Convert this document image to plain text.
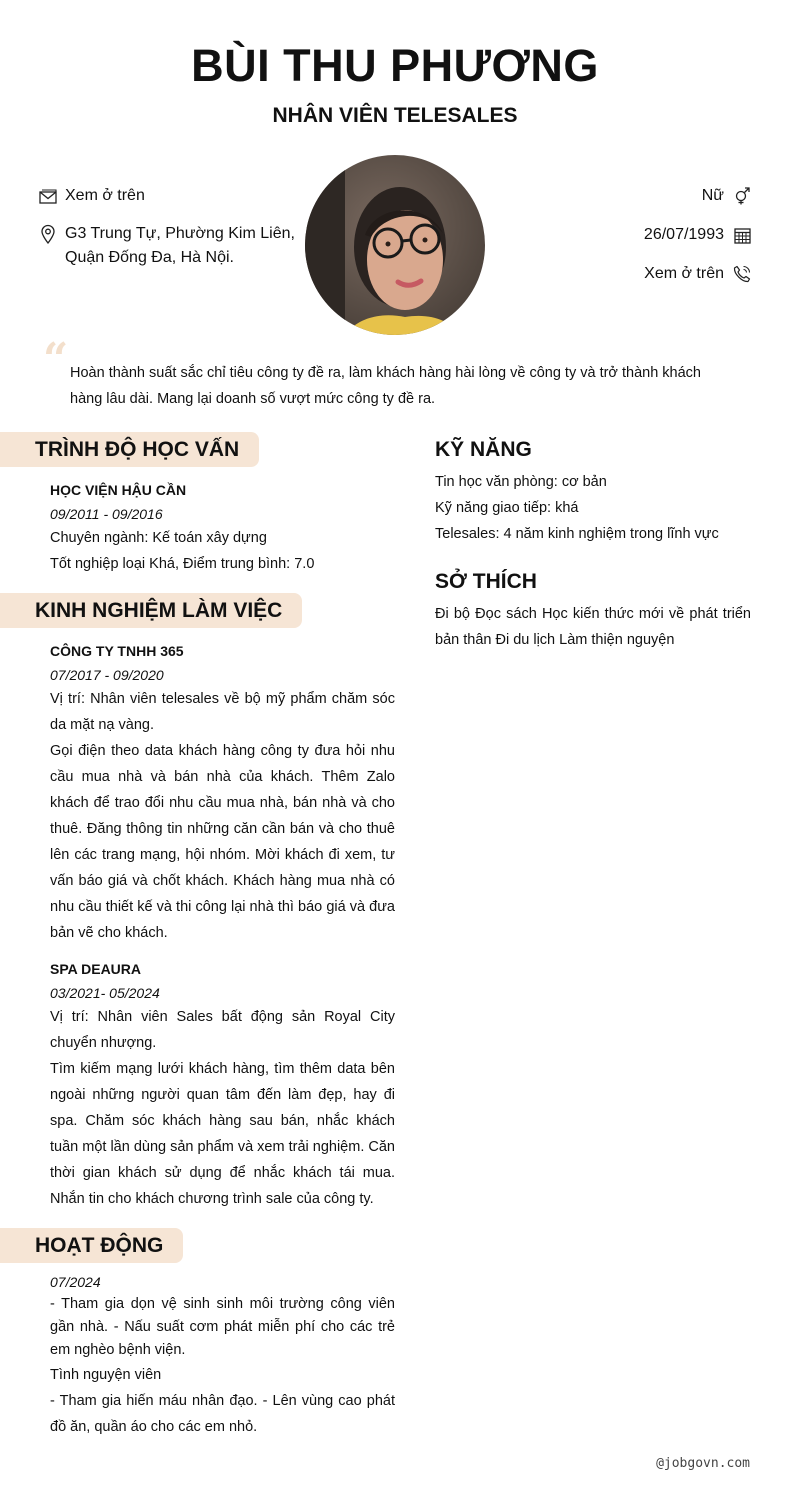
BÙI THU PHƯƠNG
NHÂN VIÊN TELESALES
Xem ở trên
G3 Trung Tự, Phường Kim Liên, Quận Đống Đa, Hà Nội.
Nữ
26/07/1993
Xem ở trên
“ Hoàn thành suất sắc chỉ tiêu công ty đề ra, làm khách hàng hài lòng về công ty và trở thành khách hàng lâu dài. Mang lại doanh số vượt mức công ty đề ra.
TRÌNH ĐỘ HỌC VẤN
HỌC VIỆN HẬU CẦN
09/2011 - 09/2016
Chuyên ngành: Kế toán xây dựng
Tốt nghiệp loại Khá, Điểm trung bình: 7.0
KINH NGHIỆM LÀM VIỆC
CÔNG TY TNHH 365
07/2017 - 09/2020
Vị trí: Nhân viên telesales về bộ mỹ phẩm chăm sóc da mặt nạ vàng.
Gọi điện theo data khách hàng công ty đưa hỏi nhu cầu mua nhà và bán nhà của khách. Thêm Zalo khách để trao đổi nhu cầu mua nhà, bán nhà và cho thuê. Đăng thông tin những căn cần bán và cho thuê lên các trang mạng, hội nhóm. Mời khách đi xem, tư vấn báo giá và chốt khách. Khách hàng mua nhà có nhu cầu thiết kế và thi công lại nhà thì báo giá và đưa bản vẽ cho khách.
SPA DEAURA
03/2021- 05/2024
Vị trí: Nhân viên Sales bất động sản Royal City chuyển nhượng.
Tìm kiếm mạng lưới khách hàng, tìm thêm data bên ngoài những người quan tâm đến làm đẹp, hay đi spa. Chăm sóc khách hàng sau bán, nhắc khách tuần một lần dùng sản phẩm và xem trải nghiệm. Căn thời gian khách sử dụng để nhắc khách tái mua. Nhắn tin cho khách chương trình sale của công ty.
HOẠT ĐỘNG
07/2024
- Tham gia dọn vệ sinh sinh môi trường công viên gần nhà. - Nấu suất cơm phát miễn phí cho các trẻ em nghèo bệnh viện.
Tình nguyện viên
- Tham gia hiến máu nhân đạo. - Lên vùng cao phát đồ ăn, quần áo cho các em nhỏ.
KỸ NĂNG
Tin học văn phòng: cơ bản
Kỹ năng giao tiếp: khá
Telesales: 4 năm kinh nghiệm trong lĩnh vực
SỞ THÍCH
Đi bộ Đọc sách Học kiến thức mới về phát triển bản thân Đi du lịch Làm thiện nguyện
@jobgovn.com
